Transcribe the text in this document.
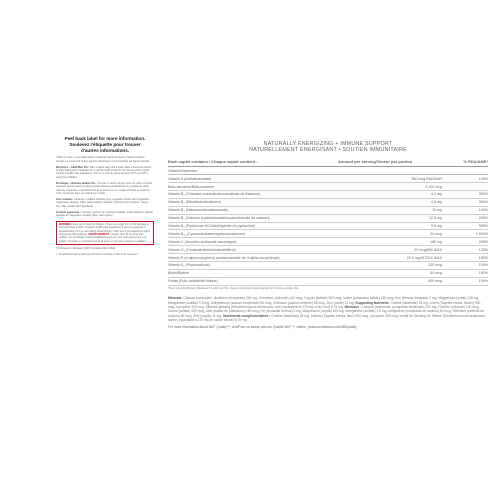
Peel back label for more information.
Soulevez l'étiquette pour trouver
d'autres informations.

*100% or more of your daily vitamin needs as recommended by Health Canada / Comble au moins 100 % des apports vitaminiques recommandés par Santé Canada.

Directions – Adult Men 50+: Take 1 caplet daily with a meal. Take a few hours before or after taking other medications or natural health products. For use beyond 1 month, consult a health care practitioner. Store in a cool dry place between 15°C and 25°C, away from children.

Posologie – Hommes adultes 50+ : Prendre 1 caplet par jour avec un repas. Prendre quelques heures avant ou après la prise d'autres médicaments ou produits de santé naturels. Consulter un professionnel de la santé pour un usage prolongé au-delà d'un mois. Conserver dans un endroit sec et frais.

Also contains: Cellulose, modified cellulose gum, vegetable stearic acid, vegetable magnesium stearate, silica, water-soluble cellulose, hydroxypropyl cellulose. Gluten free. May contain fish ingredients.

Contient également : Cellulose, gomme de cellulose modifiée, acide stéarique végétal, stéarate de magnésium végétal, silice. Sans gluten.

WARNING: Keep out of reach of children. There is enough iron in this package to seriously harm a child. Consult a health care practitioner if you are pregnant or breastfeeding, or if you are taking blood thinners. Stop use if you experience signs of hypersensitivity/allergy. AVERTISSEMENT : Garder hors de la portée des enfants. Cet emballage contient suffisamment de fer pour nuire gravement à un enfant. Consulter un professionnel de la santé si vous êtes enceinte ou allaitez.
†Compared to Jamieson 100% Complete Men's Multi.
† Comparativement à Multi pour hommes complète à 100 % de Jamieson.
NATURALLY ENERGIZING + IMMUNE SUPPORT
NATURELLEMENT ÉNERGISANT • SOUTIEN IMMUNITAIRE
Each caplet contains / Chaque caplet contient :	Amount per serving/Teneur par portion	% RDA/ANR*
Vitamin/Vitamines :
Vitamin A (Acetate/acétate)	550 mcg RAE/EAR	100%
Beta-carotene/Bêta-carotène	2,100 mcg
Vitamin B₁ (Thiamine mononitrate/monoitrate de thiamine)	4.2 mg	350%
Vitamin B₂ (Riboflavin/riboflavine)	4.6 mg	354%
Vitamin B₃ (Niacinamide/niacinamide)	16 mg	100%
Vitamin B₅ (Calcium d-pantothenate/d-pantothénate de calcium)	12.5 mg	250%
Vitamin B₆ (Pyridoxine HCl/chlorhydrate de pyridoxine)	9.5 mg	559%
Vitamin B₁₂ (Cyanocobalamin/cyanocobalamine)	24 mcg	1,000%
Vitamin C (Ascorbic acid/acide ascorbique)	180 mg	200%
Vitamin D₃ (Cholecalciferol/cholécalciférol)	20 mcg/800 IU/UI	133%
Vitamin E (d-alpha tocopheryl acetate/acétate de d-alpha-tocophéryle)	22.5 mg AT/33.6 IU/UI	150%
Vitamin K₁ (Phytonadione)	120 mcg	100%
Biotin/Biotine	54 mcg	180%
Folate (Folic acid/acide folique)	400 mcg	100%
*Recommended Dietary Allowance for adult men 50+ / Apport nutritionnel recommandé pour hommes adultes 50+.
Minerals: Calcium (carbonate, dicalcium phosphate) 200 mg, Chromium (chloride) 100 mcg, Copper (sulfate) 500 mcg, Iodine (potassium iodide) 150 mcg, Iron (ferrous fumarate) 2 mg, Magnesium (oxide) 125 mg, Manganese (sulfate) 1.5 mg, Molybdenum (sodium molybdate) 50 mcg, Selenium (sodium selenite) 65 mcg, Zinc (oxide) 11 mg. Supporting Nutrients: Choline (bitartrate) 25 mg, Lutein (Tagetes erecta, flower) 500 mcg, Lycopene 300 mcg, Siberian ginseng (Eleutherococcus senticosus, root, equivalent to 270 mg of dry root) 6.75 mg. Minéraux : Calcium (carbonate, phosphate bicalcique) 200 mg, Chrome (chlorure) 100 mcg, Cuivre (sulfate) 500 mcg, Iode (iodure de potassium) 150 mcg, Fer (fumarate ferreux) 2 mg, Magnésium (oxyde) 125 mg, Manganèse (sulfate) 1,5 mg, Molybdène (molybdate de sodium) 50 mcg, Sélénium (sélénite de sodium) 65 mcg, Zinc (oxyde) 11 mg. Nutriments complémentaires : Choline (bitartrate) 25 mg, Lutéine (Tagetes erecta, fleur) 500 mcg, Lycopène 300 mcg, extrait de Ginseng de Sibérie (Eleutherococcus senticosus, racine, équivalant à 270 mg de racine sèche) 6,75 mg.
For more information about 360° Quality™, visit/Pour en savoir plus sur Qualité 360°™, visitez : jamiesonvitamins.com/360quality
